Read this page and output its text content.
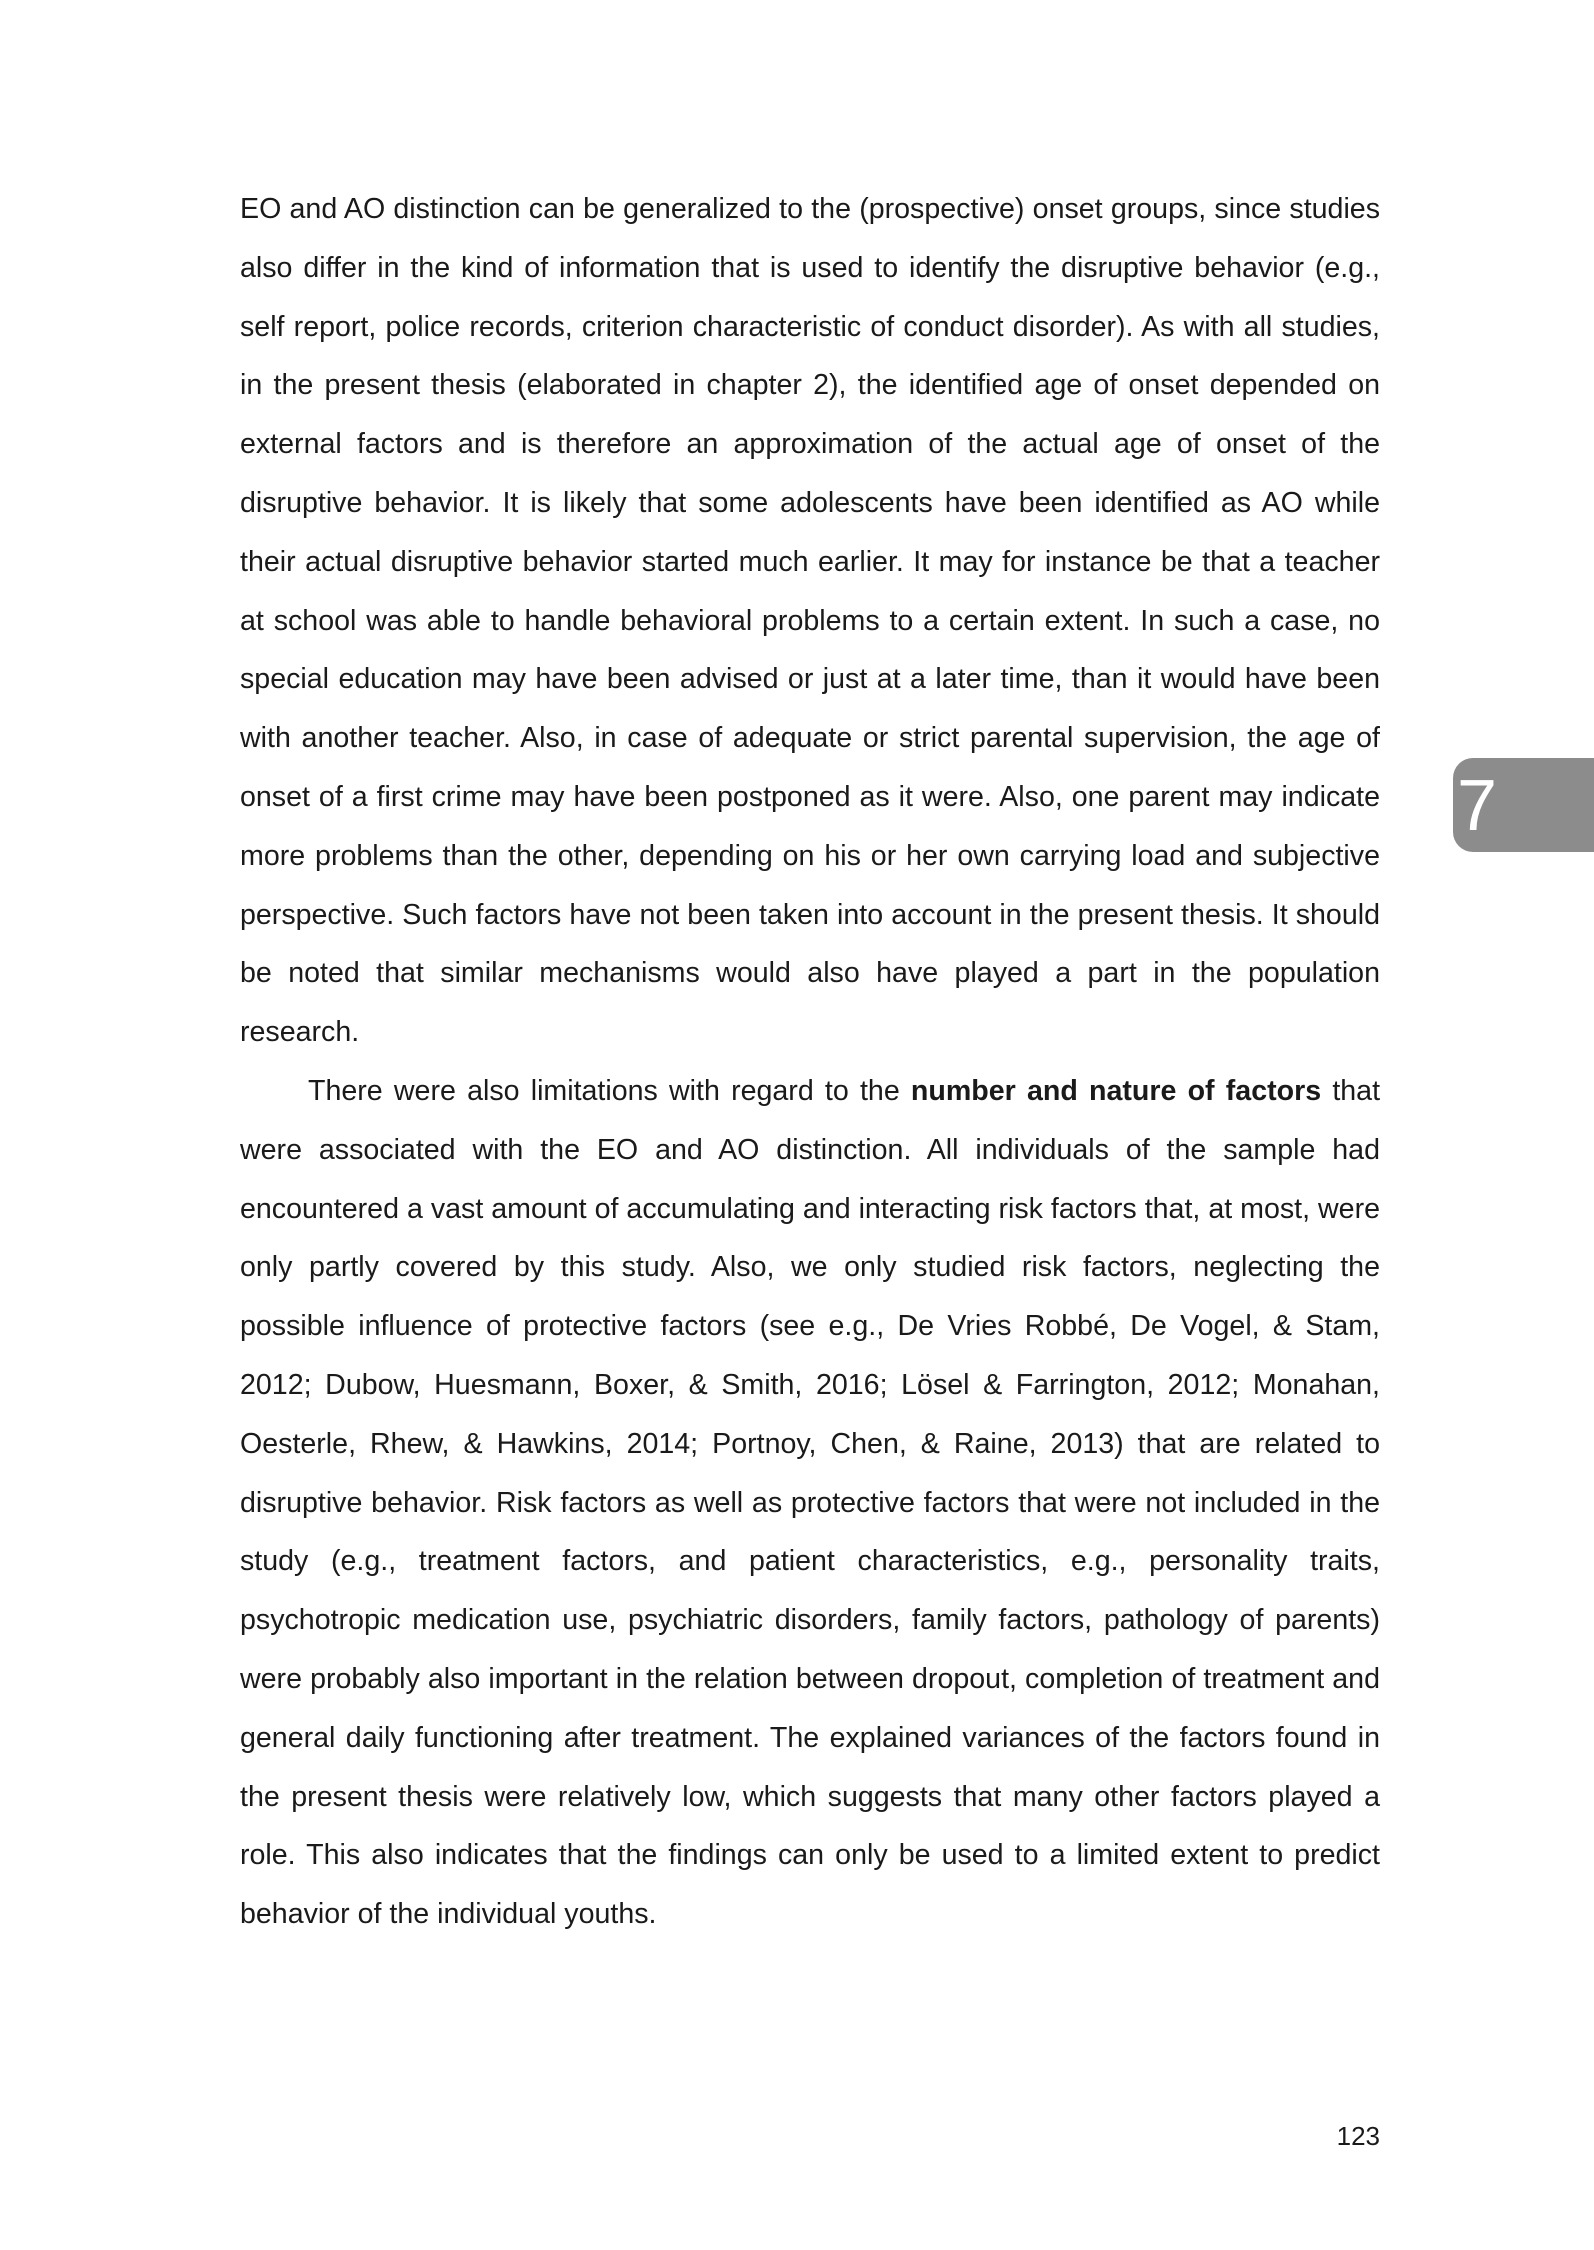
EO and AO distinction can be generalized to the (prospective) onset groups, since studies also differ in the kind of information that is used to identify the disruptive behavior (e.g., self report, police records, criterion characteristic of conduct disorder). As with all studies, in the present thesis (elaborated in chapter 2), the identified age of onset depended on external factors and is therefore an approximation of the actual age of onset of the disruptive behavior. It is likely that some adolescents have been identified as AO while their actual disruptive behavior started much earlier. It may for instance be that a teacher at school was able to handle behavioral problems to a certain extent. In such a case, no special education may have been advised or just at a later time, than it would have been with another teacher. Also, in case of adequate or strict parental supervision, the age of onset of a first crime may have been postponed as it were. Also, one parent may indicate more problems than the other, depending on his or her own carrying load and subjective perspective. Such factors have not been taken into account in the present thesis. It should be noted that similar mechanisms would also have played a part in the population research.

There were also limitations with regard to the number and nature of factors that were associated with the EO and AO distinction. All individuals of the sample had encountered a vast amount of accumulating and interacting risk factors that, at most, were only partly covered by this study. Also, we only studied risk factors, neglecting the possible influence of protective factors (see e.g., De Vries Robbé, De Vogel, & Stam, 2012; Dubow, Huesmann, Boxer, & Smith, 2016; Lösel & Farrington, 2012; Monahan, Oesterle, Rhew, & Hawkins, 2014; Portnoy, Chen, & Raine, 2013) that are related to disruptive behavior. Risk factors as well as protective factors that were not included in the study (e.g., treatment factors, and patient characteristics, e.g., personality traits, psychotropic medication use, psychiatric disorders, family factors, pathology of parents) were probably also important in the relation between dropout, completion of treatment and general daily functioning after treatment. The explained variances of the factors found in the present thesis were relatively low, which suggests that many other factors played a role. This also indicates that the findings can only be used to a limited extent to predict behavior of the individual youths.

7
123
